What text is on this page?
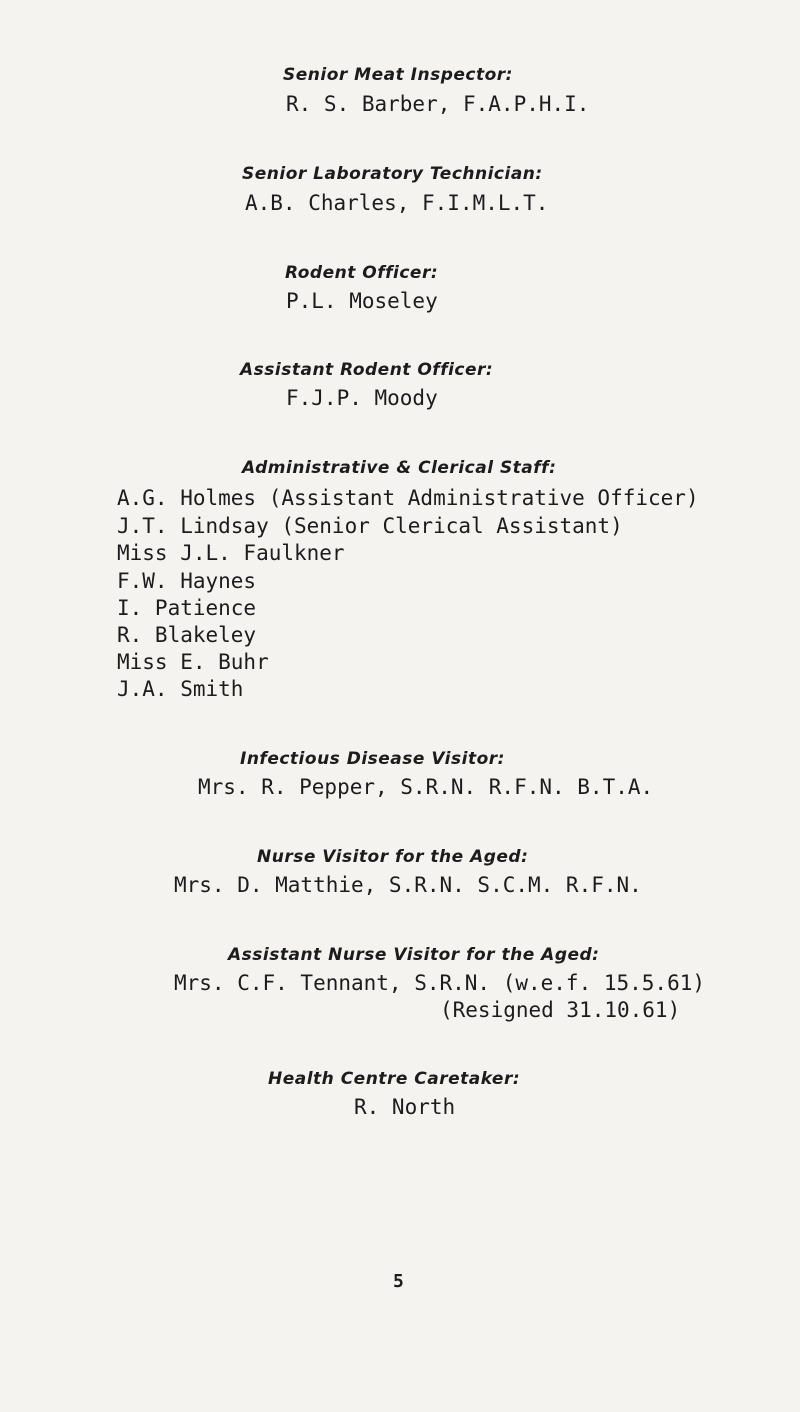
Senior Meat Inspector:
R. S. Barber, F.A.P.H.I.
Senior Laboratory Technician:
A.B. Charles, F.I.M.L.T.
Rodent Officer:
P.L. Moseley
Assistant Rodent Officer:
F.J.P. Moody
Administrative & Clerical Staff:
A.G. Holmes (Assistant Administrative Officer)
J.T. Lindsay (Senior Clerical Assistant)
Miss J.L. Faulkner
F.W. Haynes
I. Patience
R. Blakeley
Miss E. Buhr
J.A. Smith
Infectious Disease Visitor:
Mrs. R. Pepper, S.R.N. R.F.N. B.T.A.
Nurse Visitor for the Aged:
Mrs. D. Matthie, S.R.N. S.C.M. R.F.N.
Assistant Nurse Visitor for the Aged:
Mrs. C.F. Tennant, S.R.N. (w.e.f. 15.5.61)
(Resigned 31.10.61)
Health Centre Caretaker:
R. North
5
